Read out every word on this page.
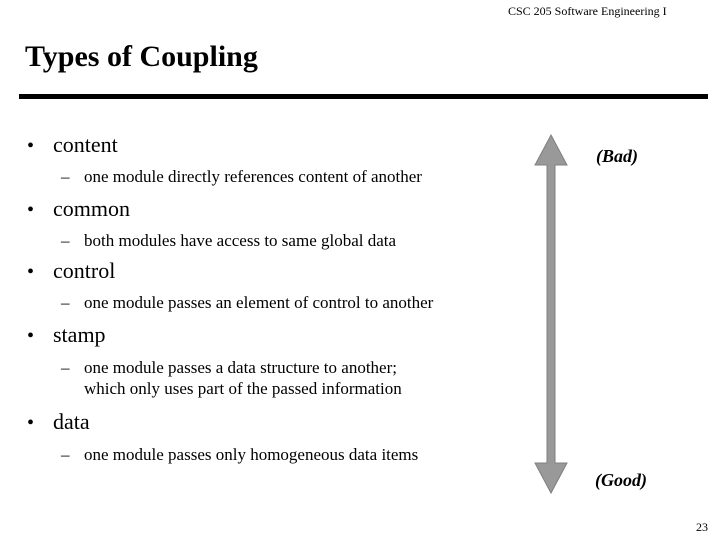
CSC 205 Software Engineering I
Types of Coupling
• content
– one module directly references content of another
• common
– both modules have access to same global data
• control
– one module passes an element of control to another
• stamp
– one module passes a data structure to another;
which only uses part of the passed information
• data
– one module passes only homogeneous data items
(Bad)
(Good)
23
